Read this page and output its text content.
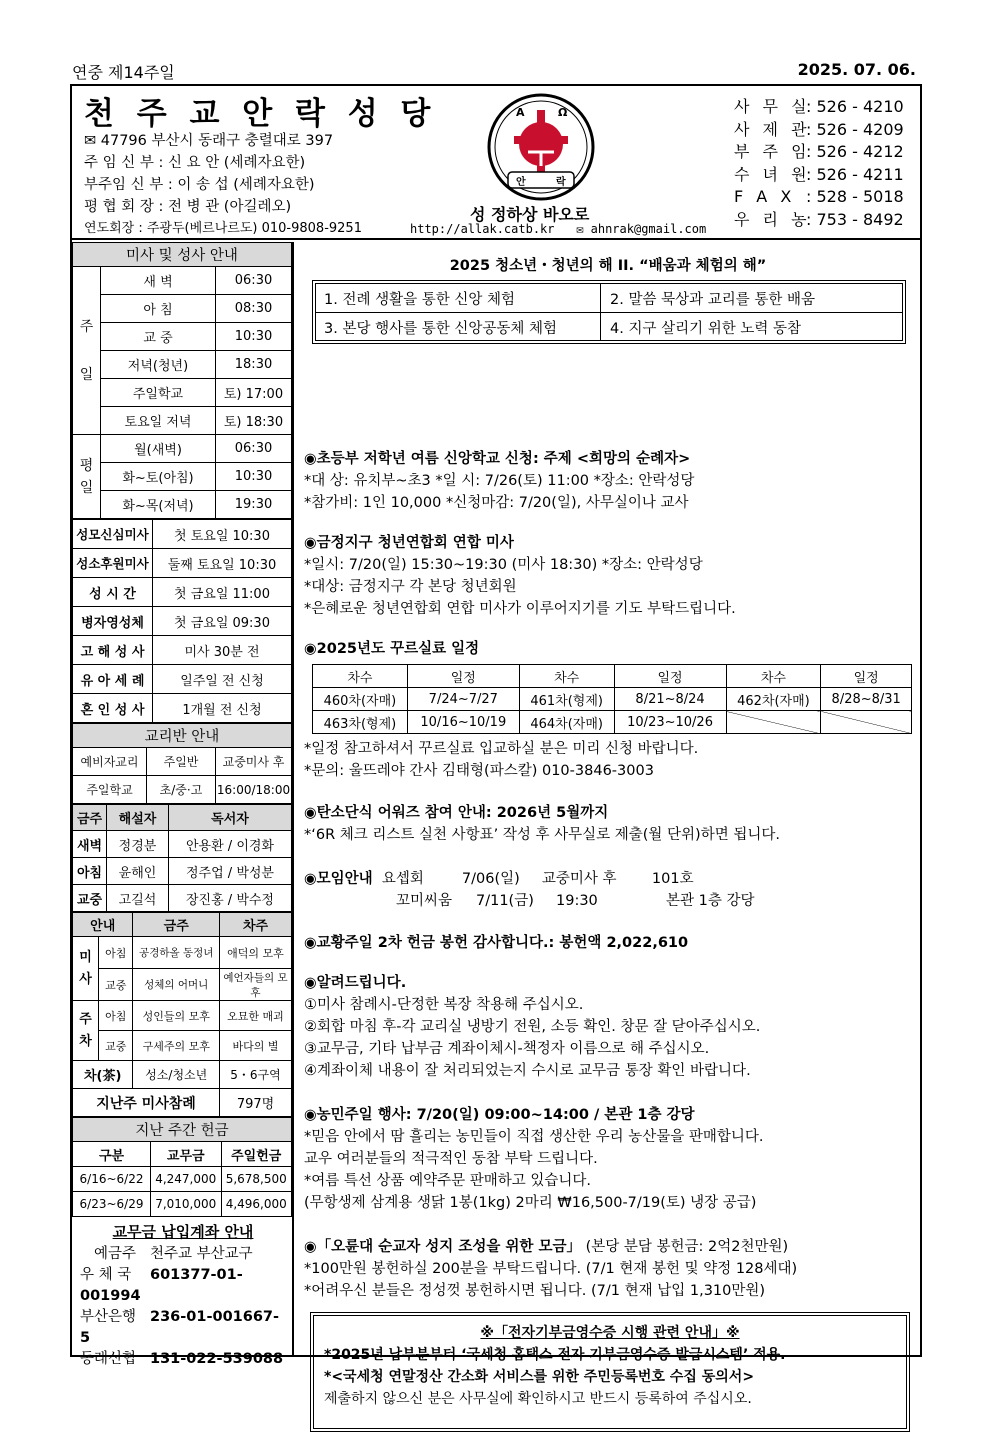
연중 제14주일	2025. 07. 06.
천 주 교 안 락 성 당
✉ 47796 부산시 동래구 충렬대로 397
주 임 신 부 : 신 요 안 (세례자요한)
부주임 신 부 : 이 송 섭 (세례자요한)
평 협 회 장 : 전 병 관 (아길레오)
연도회장 : 주광두(베르나르도) 010-9808-9251
A	Ω
안	락
성 정하상 바오로
http://allak.catb.kr ✉ ahnrak@gmail.com
사 무 실: 526 - 4210
사 제 관: 526 - 4209
부 주 임: 526 - 4212
수 녀 원: 526 - 4211
F A X : 528 - 5018
우 리 농: 753 - 8492
미사 및 성사 안내		
주

일	새 벽	06:30
	아 침	08:30
	교 중	10:30
	저녁(청년)	18:30
	주일학교	토) 17:00
	토요일 저녁	토) 18:30
평
일	월(새벽)	06:30
	화~토(아침)	10:30
	화~목(저녁)	19:30
성모신심미사	첫 토요일 10:30
성소후원미사	둘째 토요일 10:30
성 시 간	첫 금요일 11:00
병자영성체	첫 금요일 09:30
고 해 성 사	미사 30분 전
유 아 세 례	일주일 전 신청
혼 인 성 사	1개월 전 신청
교리반 안내		
예비자교리	주일반	교중미사 후
주일학교	초/중·고	16:00/18:00
금주	해설자	독서자
새벽	정경분	안용환 / 이경화
아침	윤해인	정주업 / 박성분
교중	고길석	장진홍 / 박수정
안내		금주	차주
미
사	아침	공경하올 동정녀	애덕의 모후
	교중	성체의 어머니	예언자들의 모후
주
차	아침	성인들의 모후	오묘한 매괴
	교중	구세주의 모후	바다의 별
차(茶)		성소/청소년	5・6구역
지난주 미사참례			797명
지난 주간 헌금		
구분	교무금	주일헌금
6/16~6/22	4,247,000	5,678,500
6/23~6/29	7,010,000	4,496,000
교무금 납입계좌 안내
예금주 천주교 부산교구
우 체 국 601377-01-001994
부산은행 236-01-001667-5
동래신협 131-022-539088
2025 청소년・청년의 해 II. “배움과 체험의 해”
1. 전례 생활을 통한 신앙 체험	2. 말씀 묵상과 교리를 통한 배움
3. 본당 행사를 통한 신앙공동체 체험	4. 지구 살리기 위한 노력 동참
◉초등부 저학년 여름 신앙학교 신청: 주제 <희망의 순례자>
*대 상: 유치부~초3 *일 시: 7/26(토) 11:00 *장소: 안락성당
*참가비: 1인 10,000 *신청마감: 7/20(일), 사무실이나 교사
◉금정지구 청년연합회 연합 미사
*일시: 7/20(일) 15:30~19:30 (미사 18:30) *장소: 안락성당
*대상: 금정지구 각 본당 청년회원
*은혜로운 청년연합회 연합 미사가 이루어지기를 기도 부탁드립니다.
◉2025년도 꾸르실료 일정
차수	일정	차수	일정	차수	일정
460차(자매)	7/24~7/27	461차(형제)	8/21~8/24	462차(자매)	8/28~8/31
463차(형제)	10/16~10/19	464차(자매)	10/23~10/26		
*일정 참고하셔서 꾸르실료 입교하실 분은 미리 신청 바랍니다.
*문의: 울뜨레야 간사 김태형(파스칼) 010-3846-3003
◉탄소단식 어워즈 참여 안내: 2026년 5월까지
*‘6R 체크 리스트 실천 사항표’ 작성 후 사무실로 제출(월 단위)하면 됩니다.
◉모임안내 요셉회	7/06(일) 교중미사 후 101호
꼬미씨움 7/11(금) 19:30	본관 1층 강당
◉교황주일 2차 헌금 봉헌 감사합니다.: 봉헌액 2,022,610
◉알려드립니다.
①미사 참례시-단정한 복장 착용해 주십시오.
②회합 마침 후-각 교리실 냉방기 전원, 소등 확인. 창문 잘 닫아주십시오.
③교무금, 기타 납부금 계좌이체시-책정자 이름으로 해 주십시오.
④계좌이체 내용이 잘 처리되었는지 수시로 교무금 통장 확인 바랍니다.
◉농민주일 행사: 7/20(일) 09:00~14:00 / 본관 1층 강당
*믿음 안에서 땀 흘리는 농민들이 직접 생산한 우리 농산물을 판매합니다.
교우 여러분들의 적극적인 동참 부탁 드립니다.
*여름 특선 상품 예약주문 판매하고 있습니다.
(무항생제 삼계용 생닭 1봉(1kg) 2마리 ₩16,500-7/19(토) 냉장 공급)
◉「오륜대 순교자 성지 조성을 위한 모금」 (본당 분담 봉헌금: 2억2천만원)
*100만원 봉헌하실 200분을 부탁드립니다. (7/1 현재 봉헌 및 약정 128세대)
*어려우신 분들은 정성껏 봉헌하시면 됩니다. (7/1 현재 납입 1,310만원)
※「전자기부금영수증 시행 관련 안내」※
*2025년 납부분부터 ‘국세청 홈택스 전자 기부금영수증 발급시스템’ 적용.
*<국세청 연말정산 간소화 서비스를 위한 주민등록번호 수집 동의서>
제출하지 않으신 분은 사무실에 확인하시고 반드시 등록하여 주십시오.
